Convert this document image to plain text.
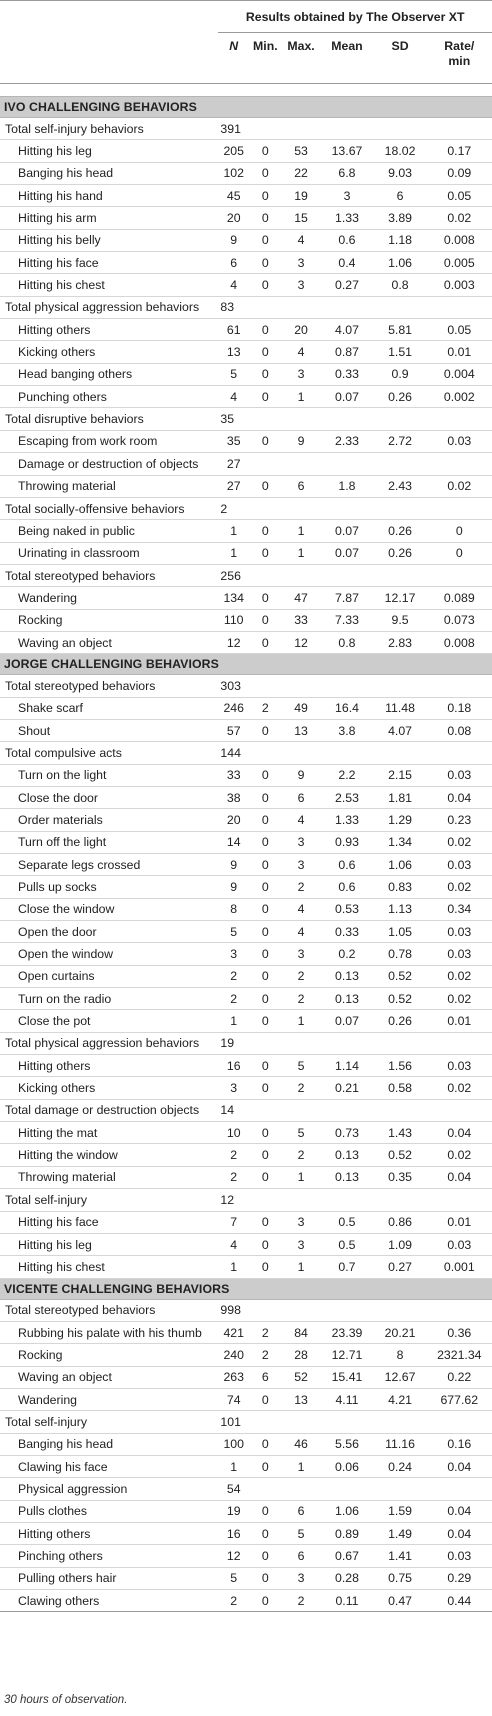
	Results obtained by The Observer XT					
	N	Min.	Max.	Mean	SD	Rate/
min

IVO CHALLENGING BEHAVIORS						
Total self-injury behaviors	391					
Hitting his leg	205	0	53	13.67	18.02	0.17
Banging his head	102	0	22	6.8	9.03	0.09
Hitting his hand	45	0	19	3	6	0.05
Hitting his arm	20	0	15	1.33	3.89	0.02
Hitting his belly	9	0	4	0.6	1.18	0.008
Hitting his face	6	0	3	0.4	1.06	0.005
Hitting his chest	4	0	3	0.27	0.8	0.003
Total physical aggression behaviors	83					
Hitting others	61	0	20	4.07	5.81	0.05
Kicking others	13	0	4	0.87	1.51	0.01
Head banging others	5	0	3	0.33	0.9	0.004
Punching others	4	0	1	0.07	0.26	0.002
Total disruptive behaviors	35					
Escaping from work room	35	0	9	2.33	2.72	0.03
Damage or destruction of objects	27					
Throwing material	27	0	6	1.8	2.43	0.02
Total socially-offensive behaviors	2					
Being naked in public	1	0	1	0.07	0.26	0
Urinating in classroom	1	0	1	0.07	0.26	0
Total stereotyped behaviors	256					
Wandering	134	0	47	7.87	12.17	0.089
Rocking	110	0	33	7.33	9.5	0.073
Waving an object	12	0	12	0.8	2.83	0.008
JORGE CHALLENGING BEHAVIORS						
Total stereotyped behaviors	303					
Shake scarf	246	2	49	16.4	11.48	0.18
Shout	57	0	13	3.8	4.07	0.08
Total compulsive acts	144					
Turn on the light	33	0	9	2.2	2.15	0.03
Close the door	38	0	6	2.53	1.81	0.04
Order materials	20	0	4	1.33	1.29	0.23
Turn off the light	14	0	3	0.93	1.34	0.02
Separate legs crossed	9	0	3	0.6	1.06	0.03
Pulls up socks	9	0	2	0.6	0.83	0.02
Close the window	8	0	4	0.53	1.13	0.34
Open the door	5	0	4	0.33	1.05	0.03
Open the window	3	0	3	0.2	0.78	0.03
Open curtains	2	0	2	0.13	0.52	0.02
Turn on the radio	2	0	2	0.13	0.52	0.02
Close the pot	1	0	1	0.07	0.26	0.01
Total physical aggression behaviors	19					
Hitting others	16	0	5	1.14	1.56	0.03
Kicking others	3	0	2	0.21	0.58	0.02
Total damage or destruction objects	14					
Hitting the mat	10	0	5	0.73	1.43	0.04
Hitting the window	2	0	2	0.13	0.52	0.02
Throwing material	2	0	1	0.13	0.35	0.04
Total self-injury	12					
Hitting his face	7	0	3	0.5	0.86	0.01
Hitting his leg	4	0	3	0.5	1.09	0.03
Hitting his chest	1	0	1	0.7	0.27	0.001
VICENTE CHALLENGING BEHAVIORS						
Total stereotyped behaviors	998					
Rubbing his palate with his thumb	421	2	84	23.39	20.21	0.36
Rocking	240	2	28	12.71	8	2321.34
Waving an object	263	6	52	15.41	12.67	0.22
Wandering	74	0	13	4.11	4.21	677.62
Total self-injury	101					
Banging his head	100	0	46	5.56	11.16	0.16
Clawing his face	1	0	1	0.06	0.24	0.04
Physical aggression	54					
Pulls clothes	19	0	6	1.06	1.59	0.04
Hitting others	16	0	5	0.89	1.49	0.04
Pinching others	12	0	6	0.67	1.41	0.03
Pulling others hair	5	0	3	0.28	0.75	0.29
Clawing others	2	0	2	0.11	0.47	0.44
30 hours of observation.
